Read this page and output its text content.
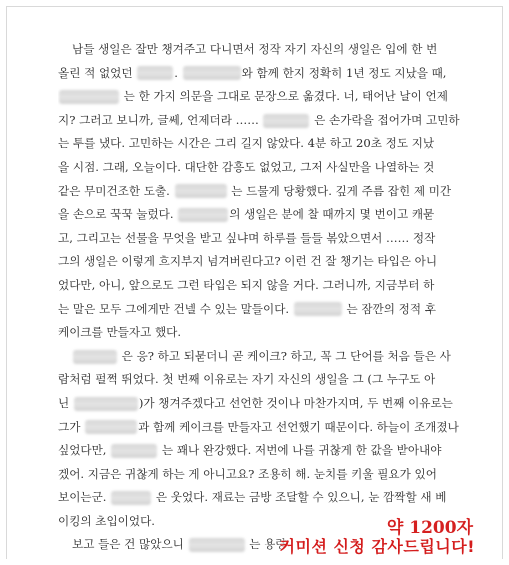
남들 생일은 잘만 챙겨주고 다니면서 정작 자기 자신의 생일은 입에 한 번
올린 적 없었던	.	와 함께 한지 정확히 1년 정도 지났을 때,
는 한 가지 의문을 그대로 문장으로 옮겼다. 너, 태어난 날이 언제
지? 그러고 보니까, 글쎄, 언제더라 ……	은 손가락을 접어가며 고민하
는 투를 냈다. 고민하는 시간은 그리 길지 않았다. 4분 하고 20초 정도 지났
을 시점. 그래, 오늘이다. 대단한 감흥도 없었고, 그저 사실만을 나열하는 것
같은 무미건조한 도출.	는 드물게 당황했다. 깊게 주름 잡힌 제 미간
을 손으로 꾹꾹 눌렀다.	의 생일은 분에 찰 때까지 몇 번이고 캐묻
고, 그리고는 선물을 무엇을 받고 싶냐며 하루를 들들 볶았으면서 …… 정작
그의 생일은 이렇게 흐지부지 넘겨버린다고? 이런 건 잘 챙기는 타입은 아니
었다만, 아니, 앞으로도 그런 타입은 되지 않을 거다. 그러니까, 지금부터 하
는 말은 모두 그에게만 건넬 수 있는 말들이다.	는 잠깐의 정적 후
케이크를 만들자고 했다.
은 응? 하고 되묻더니 곧 케이크? 하고, 꼭 그 단어를 처음 들은 사
람처럼 펄쩍 뛰었다. 첫 번째 이유로는 자기 자신의 생일을 그 (그 누구도 아
닌	)가 챙겨주겠다고 선언한 것이나 마찬가지며, 두 번째 이유로는
그가	과 함께 케이크를 만들자고 선언했기 때문이다. 하늘이 조개졌나
싶었다만,	는 꽤나 완강했다. 저번에 나를 귀찮게 한 값을 받아내야
겠어. 지금은 귀찮게 하는 게 아니고요? 조용히 해. 눈치를 키울 필요가 있어
보이는군.	은 웃었다. 재료는 금방 조달할 수 있으니, 눈 깜짝할 새 베
이킹의 초입이었다.
보고 들은 건 많았으니	는 용량
약 1200자
커미션 신청 감사드립니다!
